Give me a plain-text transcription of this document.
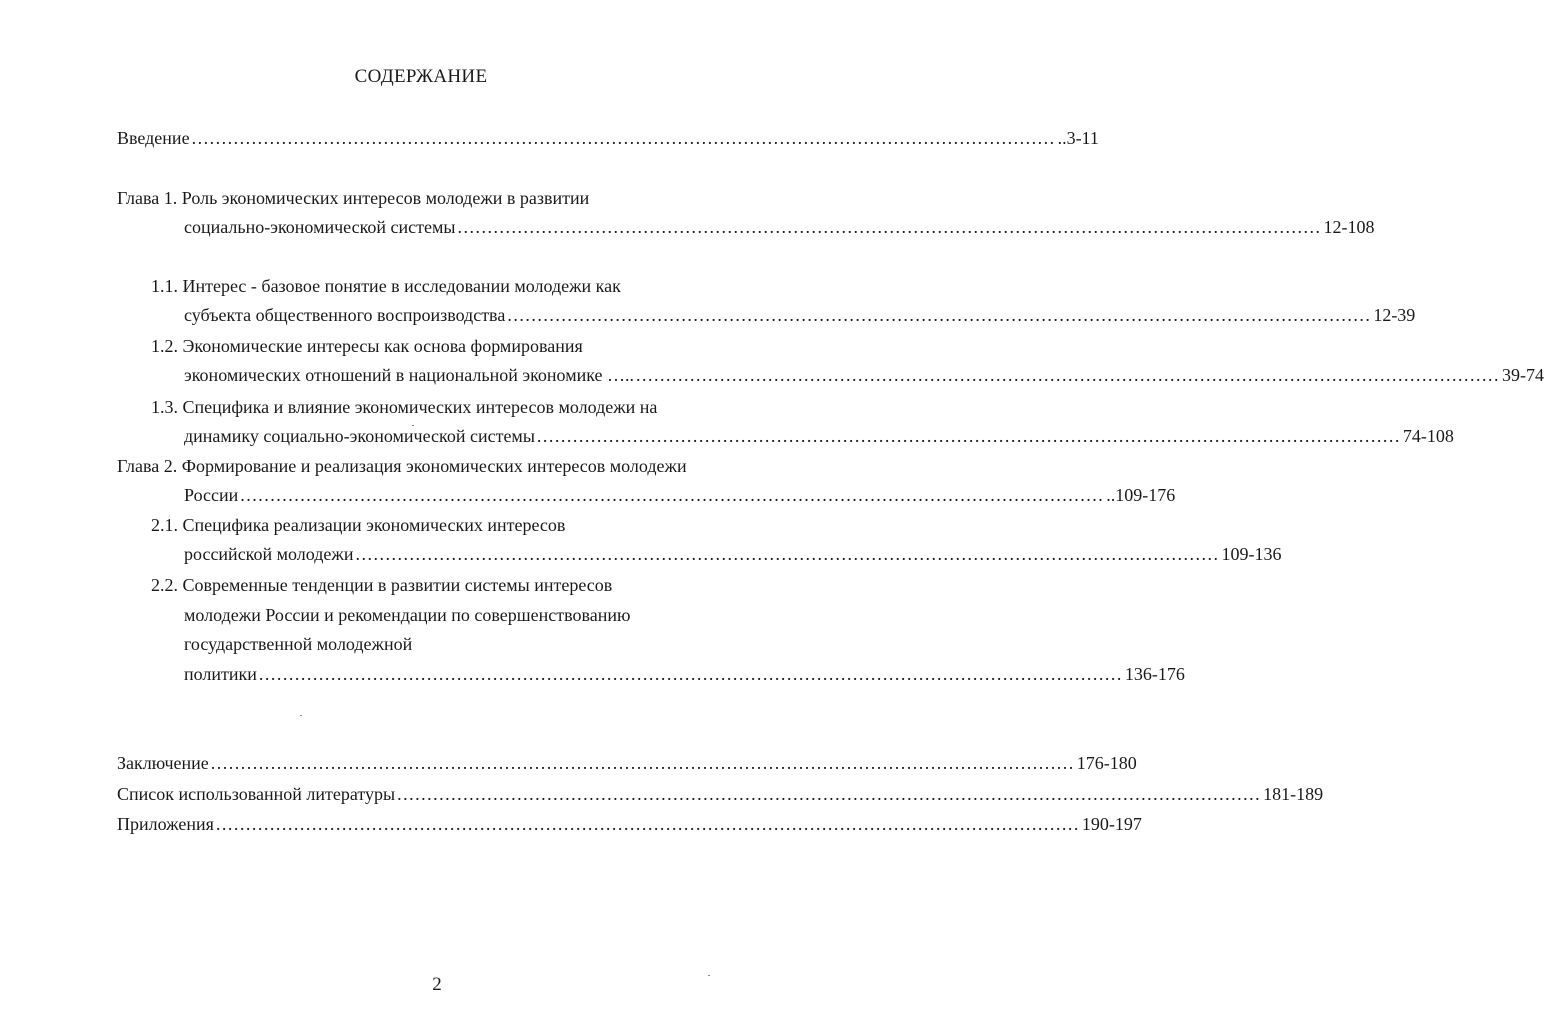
СОДЕРЖАНИЕ
Введение ................................................................................................................................................ ..3-11
Глава 1. Роль экономических интересов молодежи в развитии
социально-экономической системы ................................................................................................................................................ 12-108
1.1. Интерес - базовое понятие в исследовании молодежи как
субъекта общественного воспроизводства ................................................................................................................................................ 12-39
1.2. Экономические интересы как основа формирования
экономических отношений в национальной экономике ….. ................................................................................................................................................ 39-74
1.3. Специфика и влияние экономических интересов молодежи на
динамику социально-экономической системы ................................................................................................................................................ 74-108
Глава 2. Формирование и реализация экономических интересов молодежи
России ................................................................................................................................................ ..109-176
2.1. Специфика реализации экономических интересов
российской молодежи ................................................................................................................................................ 109-136
2.2. Современные тенденции в развитии системы интересов
молодежи России и рекомендации по совершенствованию
государственной молодежной
политики ................................................................................................................................................ 136-176
Заключение ................................................................................................................................................ 176-180
Список использованной литературы ................................................................................................................................................ 181-189
Приложения ................................................................................................................................................ 190-197
2
